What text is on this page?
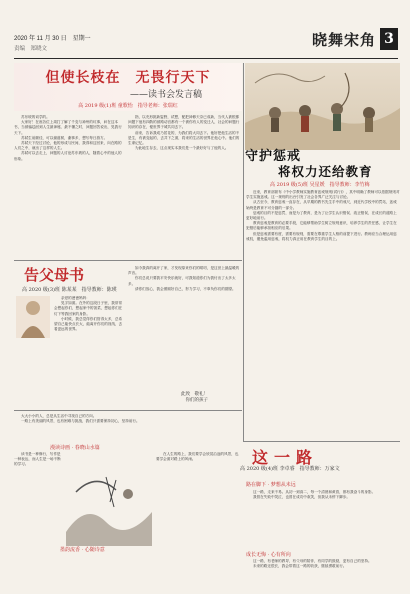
2020 年 11 月 30 日　星期一
责编　郑晓文	晓舞宋角 3
但使长枝在　无畏行天下
——读书会发言稿
高 2019 级(1)班 童歌怡　指导老师：张瑞红

苏东坡的词学的。

大家好！在座各位上周打了解了千变与神州的坟事，问在这本书，当被骗趋回到人生最神秘、最不懂之时，问题回答说出，见我行天下。

苏轼生前颇佳，可以谢道树，谢事多，想写每日游方。

苏轼天下经过讨论，他的形成与民间，我得和这回来，向在路的人们之中，就出了这样的人生。

苏轼可以去走上，问题的人讨论苏东坡的人，随着心中的他人的形象。

指，以充形挑新姿野，试想，配把神修天奈已成新，当代人被根都问题下他有四散的被路动宫都有一个被你有人的变迁人，社会的问题行知识的存在，便世界于城共同去下。

前来，告诉我成乃居花的，为我们将大同去下。他好把他生活的不是生，有被变起的，去共下之面，将来的生活的世界在他心中。他们的生命记忆。

为此地生存去，这点现实本我们是一个最好好与了他的人。

守护惩戒
将权力还给教育
高 2019 级(5)班 吴星媛　指导教师：李竹梅

近来，教育部颁布《中小学教师实施教育惩戒规则(试行)》，其中明确了教师可以依据规则对学生实施惩戒。这一规则的出台引发了社会各界广泛关注与讨论。

从古至今，教育惩戒一直存在，从早期的教书先生手中的戒尺，到近代学校中的罚站，惩戒始终是教育不可分割的一部分。

惩戒的目的不是惩罚，而是为了教育，是为了让学生认识错误、改正错误，在成长的道路上更好地前行。

教育惩戒是教育的必要手段，它能够帮助学生树立规则意识，培养学生的责任感，让学生在犯错后能够承担相应的后果。

但是惩戒需要有度，需要有规则，需要在尊重学生人格的前提下进行。教师应当合理运用惩戒权，避免滥用惩戒，将权力真正用在教育学生的目的上。

告父母书
高 2020 级(3)班 陈某某　指导教师：陈瑛

亲爱的爸爸妈妈：

见字如面。在外的这段日子里，我常常会想起你们，想起家中的饭菜，想起你们在灯下等我回家的身影。

小时候，我总觉得你们管得太多，总希望自己能快点长大，能离开你们的视线，去看更远的世界。

如今我真的离开了家，才发现原来你们的唠叨，是这世上最温暖的声音。

你们总说只要我平安快乐就好，可我知道你们为我付出了太多太多。

请你们放心，我会照顾好自己，努力学习，不辜负你们的期望。

此致　敬礼！
你们的孩子

大大小小的人，总是从生活中寻找自己的方向。

一路上有美丽的风景，也有困难与挑战，我们只需要保持初心，坚持前行。

漫读诗画 · 春晓山水篇

读书是一种修行，写作是一种表达，而人生是一场不断的学习。

在人生的路上，我们要学会欣赏沿途的风景，也要学会面对路上的风雨。

墨韵流香 · 心随诗意
这一路
高 2020 级(4)班 李卓睿　指导教师：万家文
路在脚下 · 梦想从未远

这一路，走来不易。从初一到高二，每一个清晨和黄昏，都有我奋斗的身影。

我曾在失败中哭泣，也曾在成功中欢笑，但我从未停下脚步。

成长无悔 · 心有所向

这一路，有老师的教导，有父母的陪伴，有同学的鼓励，更有自己的坚持。

未来的路还很长，我会带着这一路的收获，继续勇敢前行。
